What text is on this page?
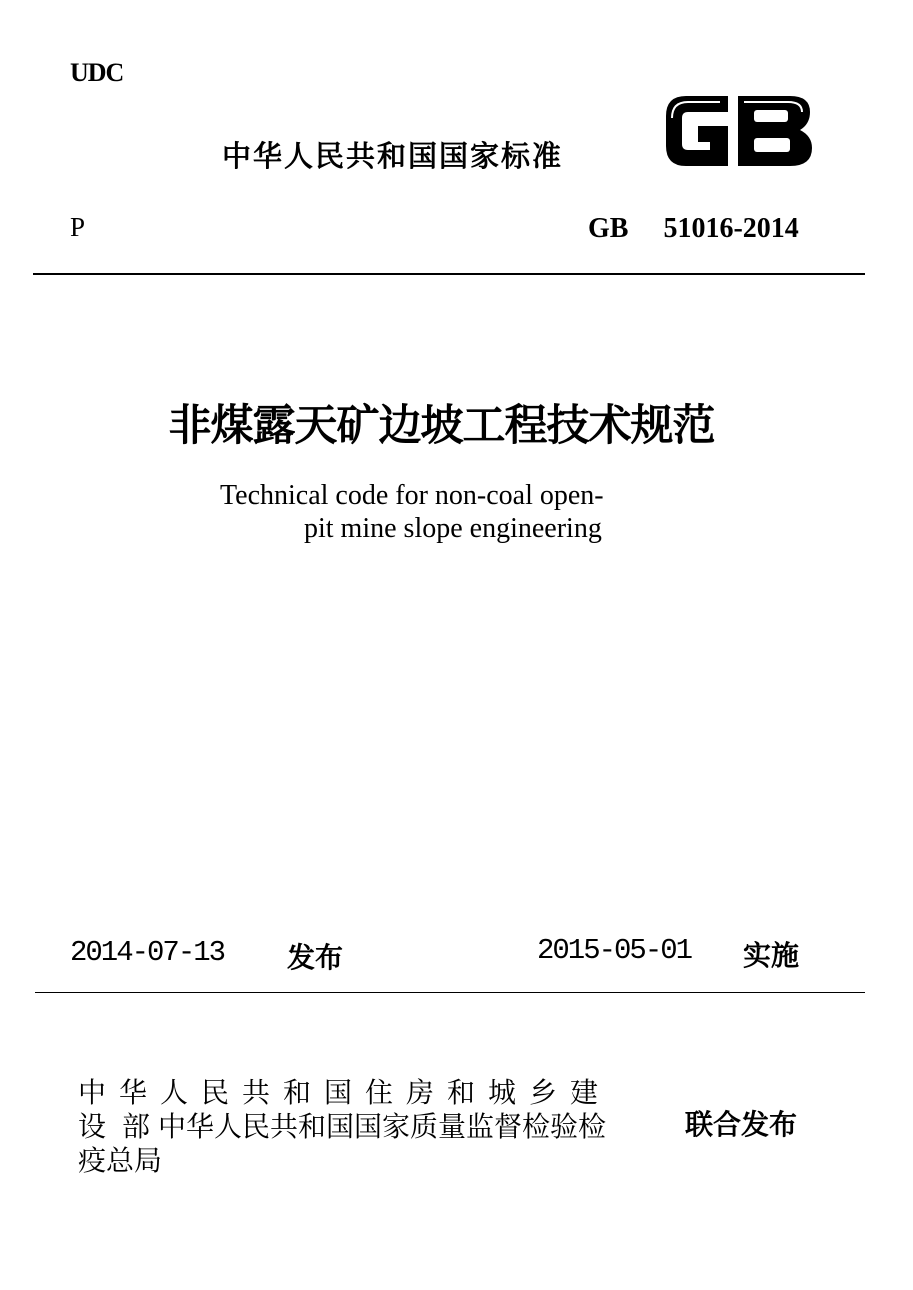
UDC
中华人民共和国国家标准
P	GB 51016-2014
非煤露天矿边坡工程技术规范
Technical code for non-coal open-
pit mine slope engineering
2014-07-13 发布	2015-05-01 实施
中华人民共和国住房和城乡建
设 部 中华人民共和国国家质量监督检验检
疫总局
联合发布
